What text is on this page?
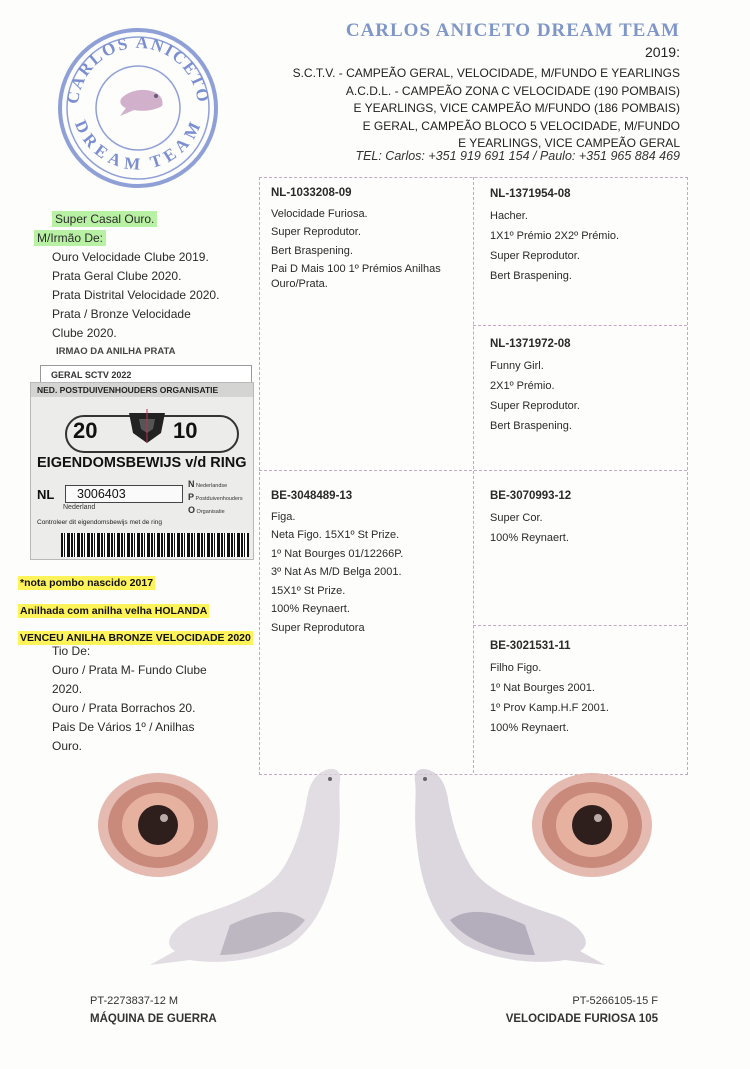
CARLOS ANICETO
DREAM TEAM
CARLOS ANICETO DREAM TEAM
2019:
S.C.T.V. - CAMPEÃO GERAL, VELOCIDADE, M/FUNDO E YEARLINGS
A.C.D.L. - CAMPEÃO ZONA C VELOCIDADE (190 POMBAIS)
E YEARLINGS, VICE CAMPEÃO M/FUNDO (186 POMBAIS)
E GERAL, CAMPEÃO BLOCO 5 VELOCIDADE, M/FUNDO
E YEARLINGS, VICE CAMPEÃO GERAL
TEL: Carlos: +351 919 691 154 / Paulo: +351 965 884 469
Super Casal Ouro.
M/Irmão De:
Ouro Velocidade Clube 2019.
Prata Geral Clube 2020.
Prata Distrital Velocidade 2020.
Prata / Bronze Velocidade Clube 2020.
IRMAO DA ANILHA PRATA
GERAL SCTV 2022
NED. POSTDUIVENHOUDERS ORGANISATIE
20	10
EIGENDOMSBEWIJS v/d RING
NL 3006403
Nederland
N Nederlandse
P Postduivenhouders
O Organisatie
Controleer dit eigendomsbewijs met de ring
*nota pombo nascido 2017
Anilhada com anilha velha HOLANDA
VENCEU ANILHA BRONZE VELOCIDADE 2020
Tio De:
Ouro / Prata M- Fundo Clube 2020.
Ouro / Prata Borrachos 20.
Pais De Vários 1º / Anilhas Ouro.
NL-1033208-09
Velocidade Furiosa.
Super Reprodutor.
Bert Braspening.
Pai D Mais 100 1º Prémios Anilhas Ouro/Prata.
NL-1371954-08
Hacher.
1X1º Prémio 2X2º Prémio.
Super Reprodutor.
Bert Braspening.
NL-1371972-08
Funny Girl.
2X1º Prémio.
Super Reprodutor.
Bert Braspening.
BE-3048489-13
Figa.
Neta Figo. 15X1º St Prize.
1º Nat Bourges 01/12266P.
3º Nat As M/D Belga 2001.
15X1º St Prize.
100% Reynaert.
Super Reprodutora
BE-3070993-12
Super Cor.
100% Reynaert.
BE-3021531-11
Filho Figo.
1º Nat Bourges 2001.
1º Prov Kamp.H.F 2001.
100% Reynaert.
PT-2273837-12 M
MÁQUINA DE GUERRA
PT-5266105-15 F
VELOCIDADE FURIOSA 105
